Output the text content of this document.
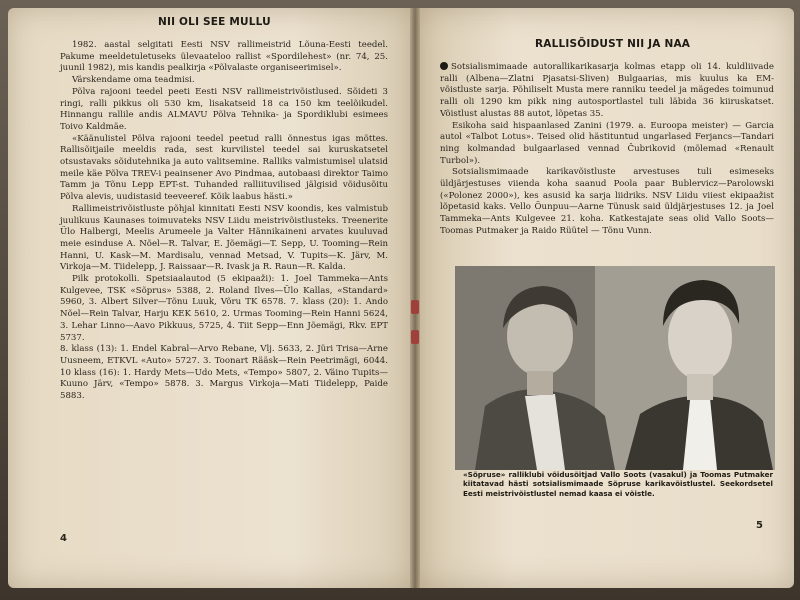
NII OLI SEE MULLU

1982. aastal selgitati Eesti NSV rallimeistrid Lõuna-Eesti teedel. Pakume meeldetuletuseks ülevaateloo rallist «Spordilehest» (nr. 74, 25. juunil 1982), mis kandis pealkirja «Põlvalaste organiseerimisel».

Värskendame oma teadmisi.

Põlva rajooni teedel peeti Eesti NSV rallimeistrivõistlused. Sõideti 3 ringi, ralli pikkus oli 530 km, lisakatseid 18 ca 150 km teelõikudel. Hinnangu rallile andis ALMAVU Põlva Tehnika- ja Spordiklubi esimees Toivo Kaldmäe.

«Käänulistel Põlva rajooni teedel peetud ralli õnnestus igas mõttes. Rallisõitjaile meeldis rada, sest kurvilistel teedel sai kuruskatsetel otsustavaks sõidutehnika ja auto valitsemine. Ralliks valmistumisel ulatsid meile käe Põlva TREV-i peainsener Avo Pindmaa, autobaasi direktor Taimo Tamm ja Tõnu Lepp EPT-st. Tuhanded ralliituvilised jälgisid võidusõitu Põlva alevis, uudistasid teeveeref. Kõik laabus hästi.»

Rallimeistrivõistluste põhjal kinnitati Eesti NSV koondis, kes valmistub juulikuus Kaunases toimuvateks NSV Liidu meistrivõistlusteks. Treenerite Ülo Halbergi, Meelis Arumeele ja Valter Hännikaineni arvates kuuluvad meie esinduse A. Nõel—R. Talvar, E. Jõemägi—T. Sepp, U. Tooming—Rein Hanni, U. Kask—M. Mardisalu, vennad Metsad, V. Tupits—K. Järv, M. Virkoja—M. Tiidelepp, J. Raissaar—R. Ivask ja R. Raun—R. Kalda.

Pilk protokolli. Spetsiaalautod (5 ekipaaži): 1. Joel Tammeka—Ants Kulgevee, TSK «Sõprus» 5388, 2. Roland Ilves—Ülo Kallas, «Standard» 5960, 3. Albert Silver—Tõnu Luuk, Võru TK 6578. 7. klass (20): 1. Ando Nõel—Rein Talvar, Harju KEK 5610, 2. Urmas Tooming—Rein Hanni 5624, 3. Lehar Linno—Aavo Pikkuus, 5725, 4. Tiit Sepp—Enn Jõemägi, Rkv. EPT 5737.

8. klass (13): 1. Endel Kabral—Arvo Rebane, Vlj. 5633, 2. Jüri Trisa—Arne Uusneem, ETKVL «Auto» 5727. 3. Toonart Rääsk—Rein Peetrimägi, 6044. 10 klass (16): 1. Hardy Mets—Udo Mets, «Tempo» 5807, 2. Väino Tupits—Kuuno Järv, «Tempo» 5878. 3. Margus Virkoja—Mati Tiidelepp, Paide 5883.

4
RALLISÕIDUST NII JA NAA

Sotsialismimaade autorallikarikasarja kolmas etapp oli 14. kuldliivade ralli (Albena—Zlatni Pjasatsi-Sliven) Bulgaarias, mis kuulus ka EM-võistluste sarja. Põhiliselt Musta mere ranniku teedel ja mägedes toimunud ralli oli 1290 km pikk ning autosportlastel tuli läbida 36 kiiruskatset. Võistlust alustas 88 autot, lõpetas 35.

Esikoha said hispaanlased Zanini (1979. a. Euroopa meister) — Garcia autol «Talbot Lotus». Teised olid hästituntud ungarlased Ferjancs—Tandari ning kolmandad bulgaarlased vennad Čubrikovid (mõlemad «Renault Turbol»).

Sotsialismimaade karikavõistluste arvestuses tuli esimeseks üldjärjestuses viienda koha saanud Poola paar Bublervicz—Parolowski («Polonez 2000»), kes asusid ka sarja liidriks. NSV Liidu viiest ekipaažist lõpetasid kaks. Vello Õunpuu—Aarne Tünusk said üldjärjestuses 12. ja Joel Tammeka—Ants Kulgevee 21. koha. Katkestajate seas olid Vallo Soots—Toomas Putmaker ja Raido Rüütel — Tõnu Vunn.

«Sõpruse» ralliklubi võidusõitjad Vallo Soots (vasakul) ja Toomas Putmaker kiitatavad hästi sotsialismimaade Sõpruse karikavõistlustel. Seekordsetel Eesti meistrivõistlustel nemad kaasa ei võistle.
5
